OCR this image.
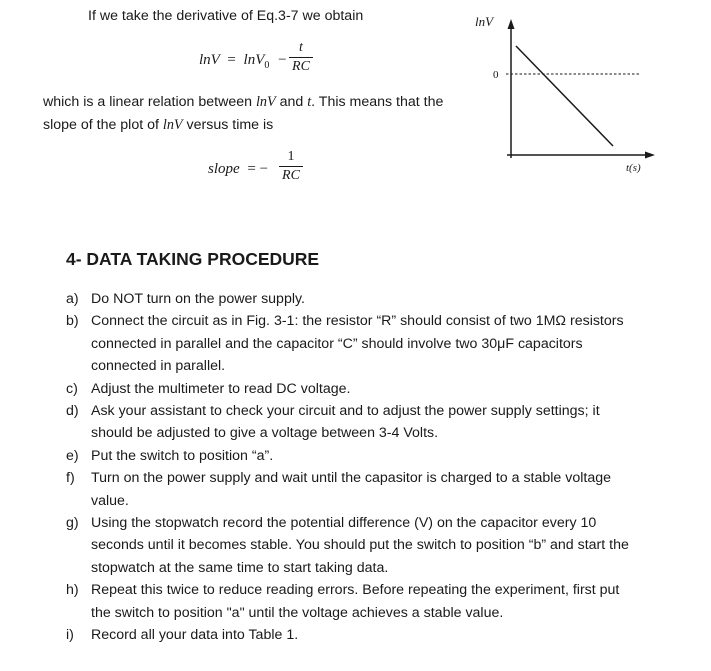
If we take the derivative of Eq.3-7 we obtain
lnV = lnV$_0$ −
t
RC
which is a linear relation between lnV and t. This means that the
slope of the plot of lnV versus time is
slope = −
1
RC
lnV
0
t(s)
4- DATA TAKING PROCEDURE
a) Do NOT turn on the power supply.
b) Connect the circuit as in Fig. 3-1: the resistor “R” should consist of two 1MΩ resistors
connected in parallel and the capacitor “C” should involve two 30μF capacitors
connected in parallel.
c) Adjust the multimeter to read DC voltage.
d) Ask your assistant to check your circuit and to adjust the power supply settings; it
should be adjusted to give a voltage between 3-4 Volts.
e) Put the switch to position “a”.
f) Turn on the power supply and wait until the capasitor is charged to a stable voltage
value.
g) Using the stopwatch record the potential difference (V) on the capacitor every 10
seconds until it becomes stable. You should put the switch to position “b” and start the
stopwatch at the same time to start taking data.
h) Repeat this twice to reduce reading errors. Before repeating the experiment, first put
the switch to position "a" until the voltage achieves a stable value.
i) Record all your data into Table 1.
